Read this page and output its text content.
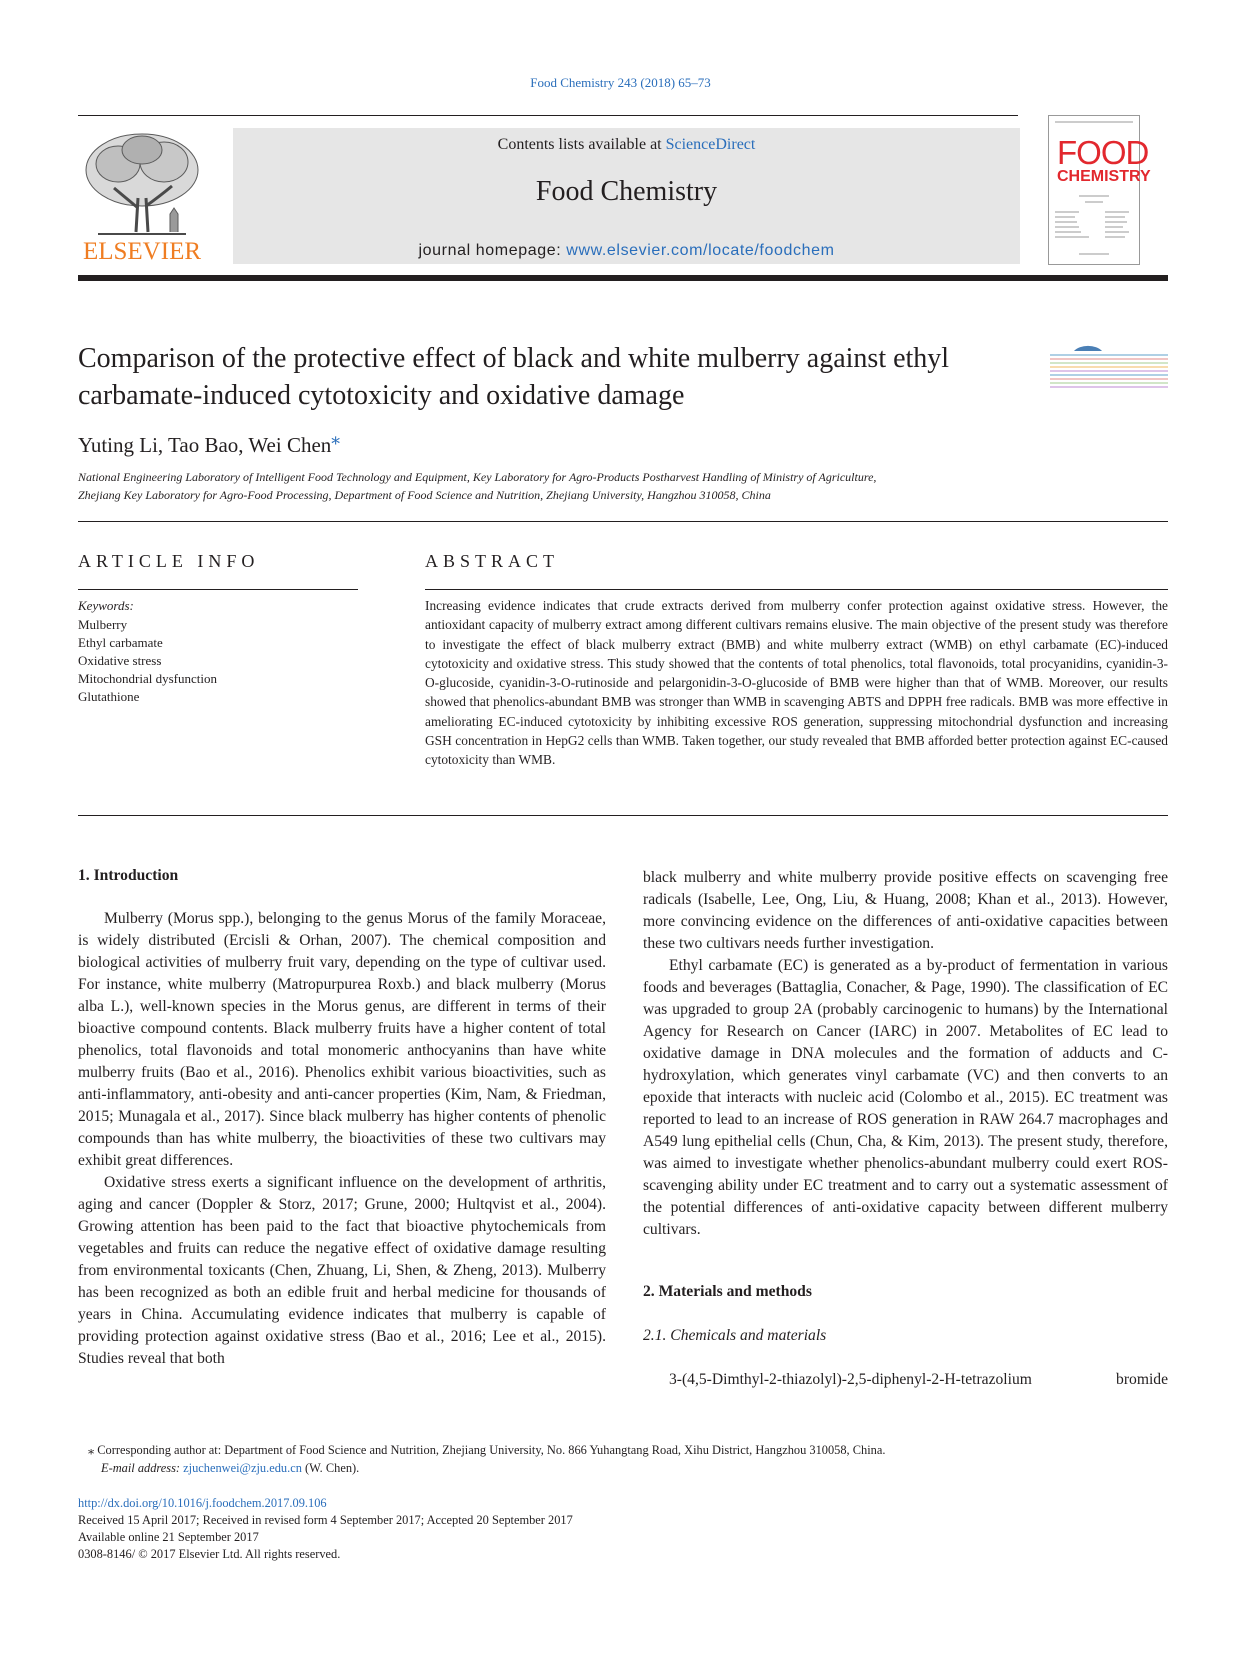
Food Chemistry 243 (2018) 65–73
ELSEVIER
Contents lists available at ScienceDirect
Food Chemistry
journal homepage: www.elsevier.com/locate/foodchem
FOOD
CHEMISTRY
Comparison of the protective effect of black and white mulberry against ethyl carbamate-induced cytotoxicity and oxidative damage
Yuting Li, Tao Bao, Wei Chen⁎
National Engineering Laboratory of Intelligent Food Technology and Equipment, Key Laboratory for Agro-Products Postharvest Handling of Ministry of Agriculture,
Zhejiang Key Laboratory for Agro-Food Processing, Department of Food Science and Nutrition, Zhejiang University, Hangzhou 310058, China
ARTICLE INFO
Keywords:
Mulberry
Ethyl carbamate
Oxidative stress
Mitochondrial dysfunction
Glutathione
ABSTRACT

Increasing evidence indicates that crude extracts derived from mulberry confer protection against oxidative stress. However, the antioxidant capacity of mulberry extract among different cultivars remains elusive. The main objective of the present study was therefore to investigate the effect of black mulberry extract (BMB) and white mulberry extract (WMB) on ethyl carbamate (EC)-induced cytotoxicity and oxidative stress. This study showed that the contents of total phenolics, total flavonoids, total procyanidins, cyanidin-3-O-glucoside, cyanidin-3-O-rutinoside and pelargonidin-3-O-glucoside of BMB were higher than that of WMB. Moreover, our results showed that phenolics-abundant BMB was stronger than WMB in scavenging ABTS and DPPH free radicals. BMB was more effective in ameliorating EC-induced cytotoxicity by inhibiting excessive ROS generation, suppressing mitochondrial dysfunction and increasing GSH concentration in HepG2 cells than WMB. Taken together, our study revealed that BMB afforded better protection against EC-caused cytotoxicity than WMB.

1. Introduction

Mulberry (Morus spp.), belonging to the genus Morus of the family Moraceae, is widely distributed (Ercisli & Orhan, 2007). The chemical composition and biological activities of mulberry fruit vary, depending on the type of cultivar used. For instance, white mulberry (Matropurpurea Roxb.) and black mulberry (Morus alba L.), well-known species in the Morus genus, are different in terms of their bioactive compound contents. Black mulberry fruits have a higher content of total phenolics, total flavonoids and total monomeric anthocyanins than have white mulberry fruits (Bao et al., 2016). Phenolics exhibit various bioactivities, such as anti-inflammatory, anti-obesity and anti-cancer properties (Kim, Nam, & Friedman, 2015; Munagala et al., 2017). Since black mulberry has higher contents of phenolic compounds than has white mulberry, the bioactivities of these two cultivars may exhibit great differences.

Oxidative stress exerts a significant influence on the development of arthritis, aging and cancer (Doppler & Storz, 2017; Grune, 2000; Hultqvist et al., 2004). Growing attention has been paid to the fact that bioactive phytochemicals from vegetables and fruits can reduce the negative effect of oxidative damage resulting from environmental toxicants (Chen, Zhuang, Li, Shen, & Zheng, 2013). Mulberry has been recognized as both an edible fruit and herbal medicine for thousands of years in China. Accumulating evidence indicates that mulberry is capable of providing protection against oxidative stress (Bao et al., 2016; Lee et al., 2015). Studies reveal that both

black mulberry and white mulberry provide positive effects on scavenging free radicals (Isabelle, Lee, Ong, Liu, & Huang, 2008; Khan et al., 2013). However, more convincing evidence on the differences of anti-oxidative capacities between these two cultivars needs further investigation.

Ethyl carbamate (EC) is generated as a by-product of fermentation in various foods and beverages (Battaglia, Conacher, & Page, 1990). The classification of EC was upgraded to group 2A (probably carcinogenic to humans) by the International Agency for Research on Cancer (IARC) in 2007. Metabolites of EC lead to oxidative damage in DNA molecules and the formation of adducts and C-hydroxylation, which generates vinyl carbamate (VC) and then converts to an epoxide that interacts with nucleic acid (Colombo et al., 2015). EC treatment was reported to lead to an increase of ROS generation in RAW 264.7 macrophages and A549 lung epithelial cells (Chun, Cha, & Kim, 2013). The present study, therefore, was aimed to investigate whether phenolics-abundant mulberry could exert ROS-scavenging ability under EC treatment and to carry out a systematic assessment of the potential differences of anti-oxidative capacity between different mulberry cultivars.

2. Materials and methods
2.1. Chemicals and materials
3-(4,5-Dimthyl-2-thiazolyl)-2,5-diphenyl-2-H-tetrazolium	bromide
⁎ Corresponding author at: Department of Food Science and Nutrition, Zhejiang University, No. 866 Yuhangtang Road, Xihu District, Hangzhou 310058, China.
E-mail address: zjuchenwei@zju.edu.cn (W. Chen).
http://dx.doi.org/10.1016/j.foodchem.2017.09.106
Received 15 April 2017; Received in revised form 4 September 2017; Accepted 20 September 2017
Available online 21 September 2017
0308-8146/ © 2017 Elsevier Ltd. All rights reserved.
